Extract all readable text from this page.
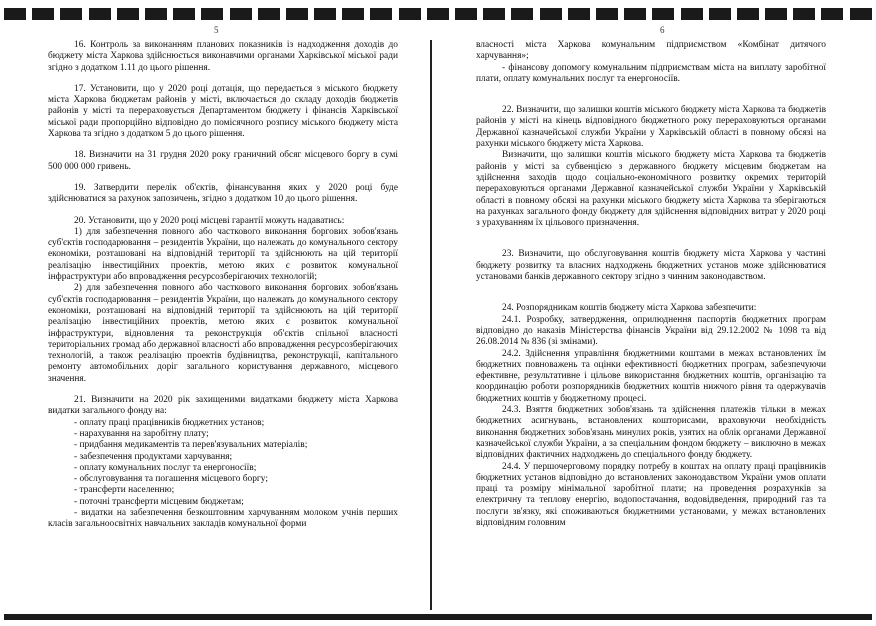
5	6

16. Контроль за виконанням планових показників із надходження доходів до бюджету міста Харкова здійснюється виконавчими органами Харківської міської ради згідно з додатком 1.11 до цього рішення.

17. Установити, що у 2020 році дотація, що передається з міського бюджету міста Харкова бюджетам районів у місті, включається до складу доходів бюджетів районів у місті та перераховується Департаментом бюджету і фінансів Харківської міської ради пропорційно відповідно до помісячного розпису міського бюджету міста Харкова та згідно з додатком 5 до цього рішення.

18. Визначити на 31 грудня 2020 року граничний обсяг місцевого боргу в сумі 500 000 000 гривень.

19. Затвердити перелік об'єктів, фінансування яких у 2020 році буде здійснюватися за рахунок запозичень, згідно з додатком 10 до цього рішення.

20. Установити, що у 2020 році місцеві гарантії можуть надаватись:

1) для забезпечення повного або часткового виконання боргових зобов'язань суб'єктів господарювання – резидентів України, що належать до комунального сектору економіки, розташовані на відповідній території та здійснюють на цій території реалізацію інвестиційних проектів, метою яких є розвиток комунальної інфраструктури або впровадження ресурсозберігаючих технологій;

2) для забезпечення повного або часткового виконання боргових зобов'язань суб'єктів господарювання – резидентів України, що належать до комунального сектору економіки, розташовані на відповідній території та здійснюють на цій території реалізацію інвестиційних проектів, метою яких є розвиток комунальної інфраструктури, відновлення та реконструкція об'єктів спільної власності територіальних громад або державної власності або впровадження ресурсозберігаючих технологій, а також реалізацію проектів будівництва, реконструкції, капітального ремонту автомобільних доріг загального користування державного, місцевого значення.

21. Визначити на 2020 рік захищеними видатками бюджету міста Харкова видатки загального фонду на:

- оплату праці працівників бюджетних установ;

- нарахування на заробітну плату;

- придбання медикаментів та перев'язувальних матеріалів;

- забезпечення продуктами харчування;

- оплату комунальних послуг та енергоносіїв;

- обслуговування та погашення місцевого боргу;

- трансферти населенню;

- поточні трансферти місцевим бюджетам;

- видатки на забезпечення безкоштовним харчуванням молоком учнів перших класів загальноосвітніх навчальних закладів комунальної форми

власності міста Харкова комунальним підприємством «Комбінат дитячого харчування»;

- фінансову допомогу комунальним підприємствам міста на виплату заробітної плати, оплату комунальних послуг та енергоносіїв.

22. Визначити, що залишки коштів міського бюджету міста Харкова та бюджетів районів у місті на кінець відповідного бюджетного року перераховуються органами Державної казначейської служби України у Харківській області в повному обсязі на рахунки міського бюджету міста Харкова.

Визначити, що залишки коштів міського бюджету міста Харкова та бюджетів районів у місті за субвенцією з державного бюджету місцевим бюджетам на здійснення заходів щодо соціально-економічного розвитку окремих територій перераховуються органами Державної казначейської служби України у Харківській області в повному обсязі на рахунки міського бюджету міста Харкова та зберігаються на рахунках загального фонду бюджету для здійснення відповідних витрат у 2020 році з урахуванням їх цільового призначення.

23. Визначити, що обслуговування коштів бюджету міста Харкова у частині бюджету розвитку та власних надходжень бюджетних установ може здійснюватися установами банків державного сектору згідно з чинним законодавством.

24. Розпорядникам коштів бюджету міста Харкова забезпечити:

24.1. Розробку, затвердження, оприлюднення паспортів бюджетних програм відповідно до наказів Міністерства фінансів України від 29.12.2002 № 1098 та від 26.08.2014 № 836 (зі змінами).

24.2. Здійснення управління бюджетними коштами в межах встановлених їм бюджетних повноважень та оцінки ефективності бюджетних програм, забезпечуючи ефективне, результативне і цільове використання бюджетних коштів, організацію та координацію роботи розпорядників бюджетних коштів нижчого рівня та одержувачів бюджетних коштів у бюджетному процесі.

24.3. Взяття бюджетних зобов'язань та здійснення платежів тільки в межах бюджетних асигнувань, встановлених кошторисами, враховуючи необхідність виконання бюджетних зобов'язань минулих років, узятих на облік органами Державної казначейської служби України, а за спеціальним фондом бюджету – виключно в межах відповідних фактичних надходжень до спеціального фонду бюджету.

24.4. У першочерговому порядку потребу в коштах на оплату праці працівників бюджетних установ відповідно до встановлених законодавством України умов оплати праці та розміру мінімальної заробітної плати; на проведення розрахунків за електричну та теплову енергію, водопостачання, водовідведення, природний газ та послуги зв'язку, які споживаються бюджетними установами, у межах встановлених відповідним головним
